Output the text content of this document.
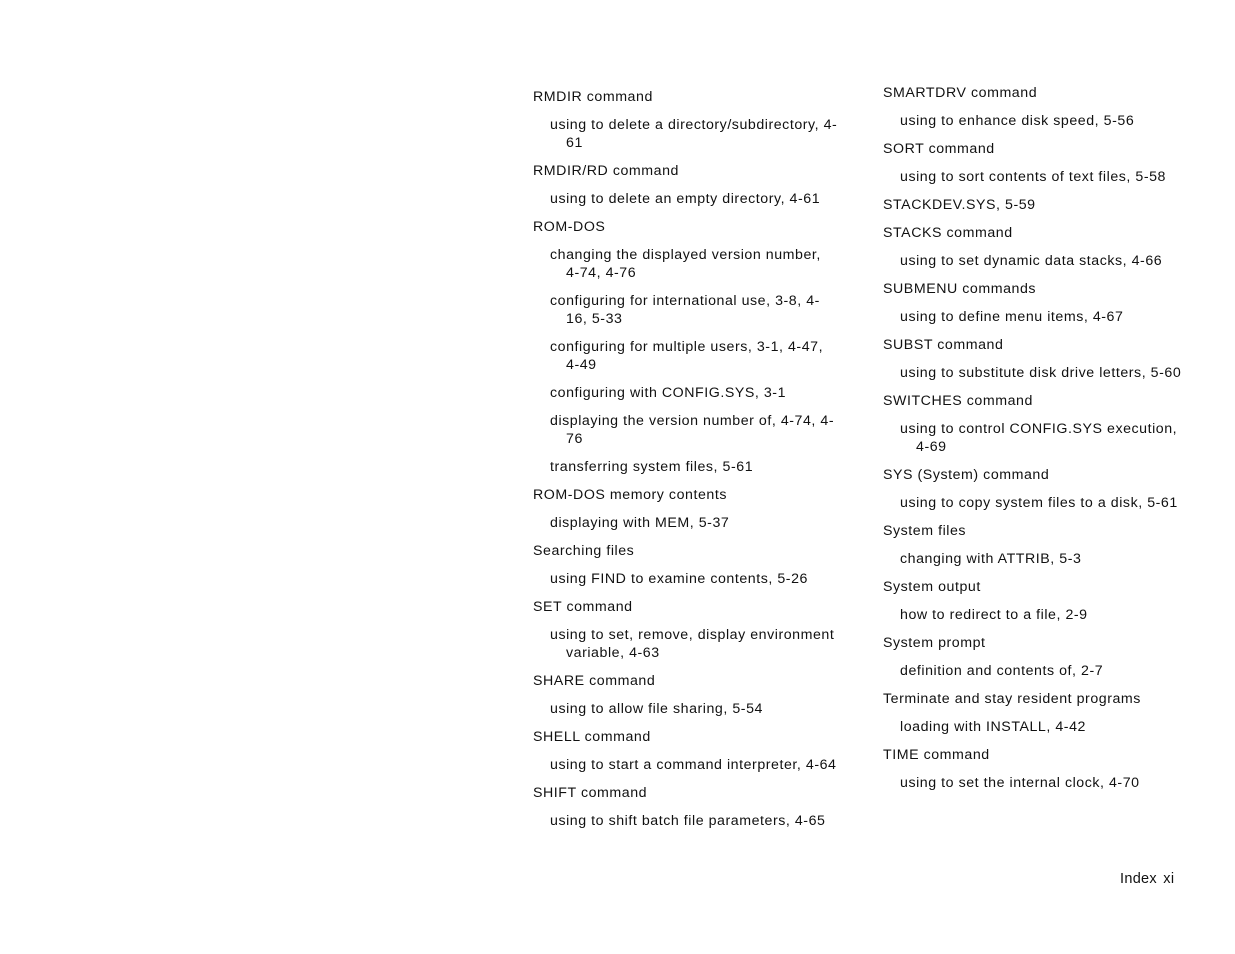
RMDIR command
using to delete a directory/subdirectory, 4-61
RMDIR/RD command
using to delete an empty directory, 4-61
ROM-DOS
changing the displayed version number, 4-74, 4-76
configuring for international use, 3-8, 4-16, 5-33
configuring for multiple users, 3-1, 4-47, 4-49
configuring with CONFIG.SYS, 3-1
displaying the version number of, 4-74, 4-76
transferring system files, 5-61
ROM-DOS memory contents
displaying with MEM, 5-37
Searching files
using FIND to examine contents, 5-26
SET command
using to set, remove, display environment variable, 4-63
SHARE command
using to allow file sharing, 5-54
SHELL command
using to start a command interpreter, 4-64
SHIFT command
using to shift batch file parameters, 4-65
SMARTDRV command
using to enhance disk speed, 5-56
SORT command
using to sort contents of text files, 5-58
STACKDEV.SYS, 5-59
STACKS command
using to set dynamic data stacks, 4-66
SUBMENU commands
using to define menu items, 4-67
SUBST command
using to substitute disk drive letters, 5-60
SWITCHES command
using to control CONFIG.SYS execution, 4-69
SYS (System) command
using to copy system files to a disk, 5-61
System files
changing with ATTRIB, 5-3
System output
how to redirect to a file, 2-9
System prompt
definition and contents of, 2-7
Terminate and stay resident programs
loading with INSTALL, 4-42
TIME command
using to set the internal clock, 4-70
Index xi
